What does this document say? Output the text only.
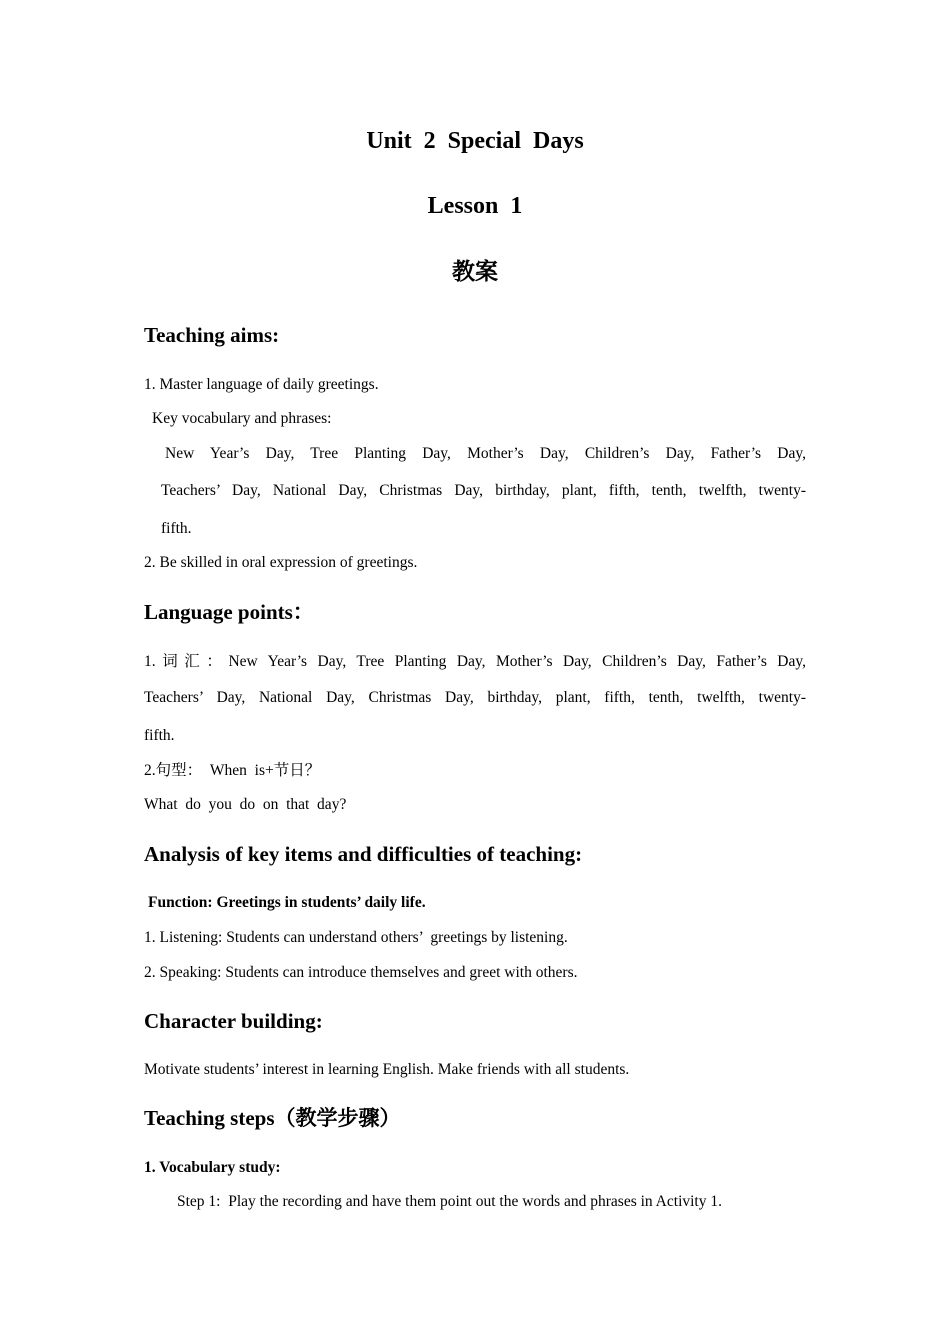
Unit  2  Special  Days
Lesson  1
教案
Teaching aims:
1. Master language of daily greetings.
Key vocabulary and phrases:
New Year’s Day, Tree Planting Day, Mother’s Day, Children’s Day, Father’s Day,
Teachers’ Day, National Day, Christmas Day, birthday, plant, fifth, tenth, twelfth, twenty-
fifth.
2. Be skilled in oral expression of greetings.
Language points：
1.词汇：New Year’s Day, Tree Planting Day, Mother’s Day, Children’s Day, Father’s Day,
Teachers’ Day, National Day, Christmas Day, birthday, plant, fifth, tenth, twelfth, twenty-
fifth.
2.句型：  When  is+节日？
What  do  you  do  on  that  day?
Analysis of key items and difficulties of teaching:
Function: Greetings in students’ daily life.
1. Listening: Students can understand others’  greetings by listening.
2. Speaking: Students can introduce themselves and greet with others.
Character building:
Motivate students’ interest in learning English. Make friends with all students.
Teaching steps（教学步骤）
1. Vocabulary study:
Step 1:  Play the recording and have them point out the words and phrases in Activity 1.
